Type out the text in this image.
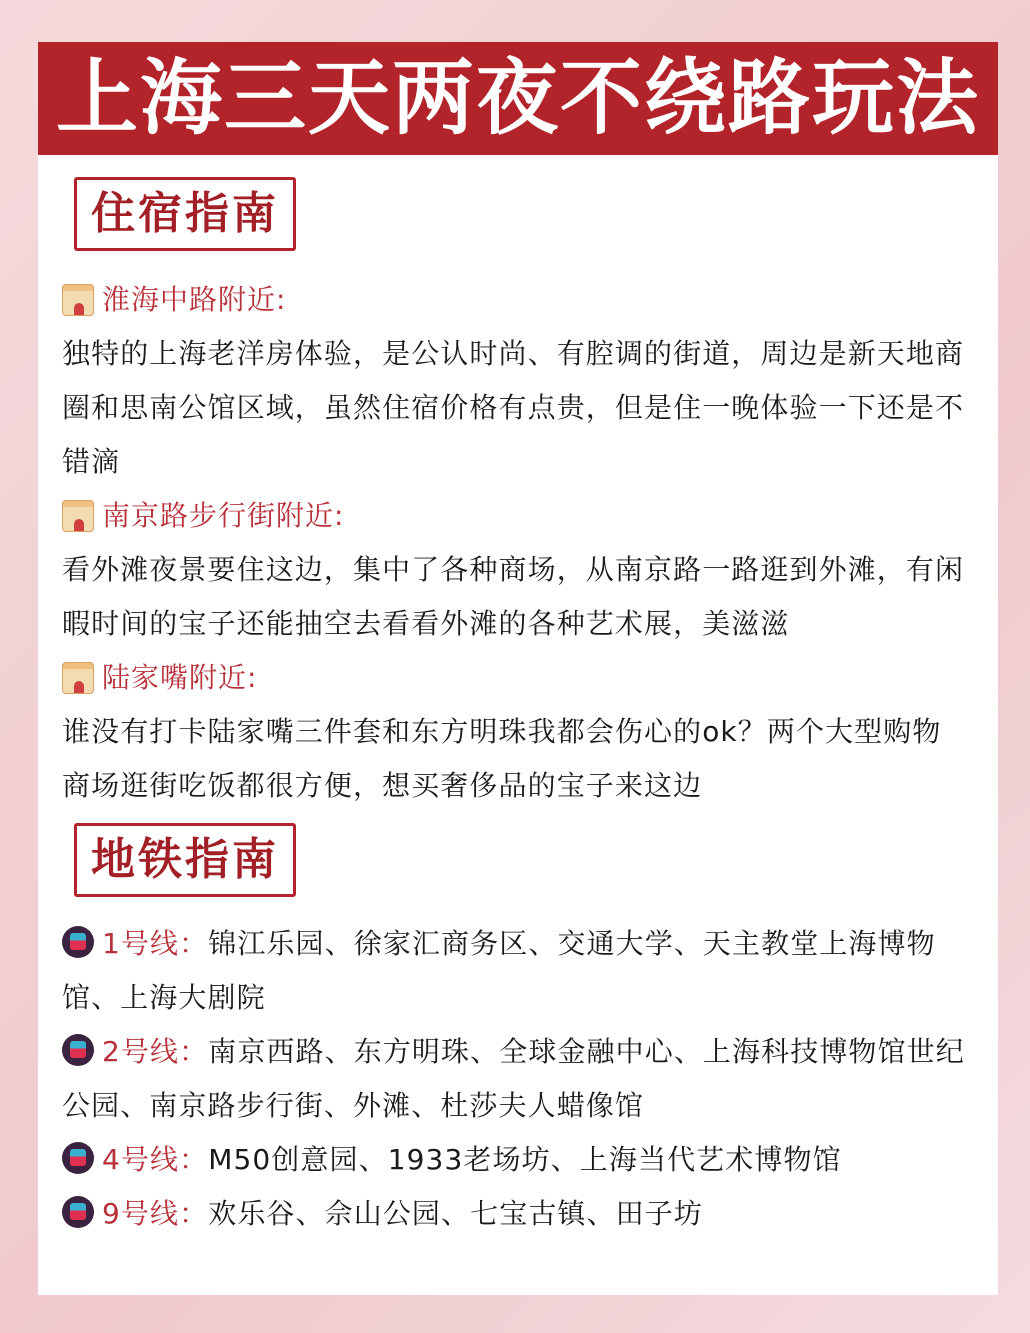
上海三天两夜不绕路玩法
住宿指南
淮海中路附近:
独特的上海老洋房体验，是公认时尚、有腔调的街道，周边是新天地商圈和思南公馆区域，虽然住宿价格有点贵，但是住一晚体验一下还是不错滴
南京路步行街附近:
看外滩夜景要住这边，集中了各种商场，从南京路一路逛到外滩，有闲暇时间的宝子还能抽空去看看外滩的各种艺术展，美滋滋
陆家嘴附近:
谁没有打卡陆家嘴三件套和东方明珠我都会伤心的ok？两个大型购物商场逛街吃饭都很方便，想买奢侈品的宝子来这边
地铁指南
1号线：锦江乐园、徐家汇商务区、交通大学、天主教堂上海博物馆、上海大剧院
2号线：南京西路、东方明珠、全球金融中心、上海科技博物馆世纪公园、南京路步行街、外滩、杜莎夫人蜡像馆
4号线：M50创意园、1933老场坊、上海当代艺术博物馆
9号线：欢乐谷、佘山公园、七宝古镇、田子坊
